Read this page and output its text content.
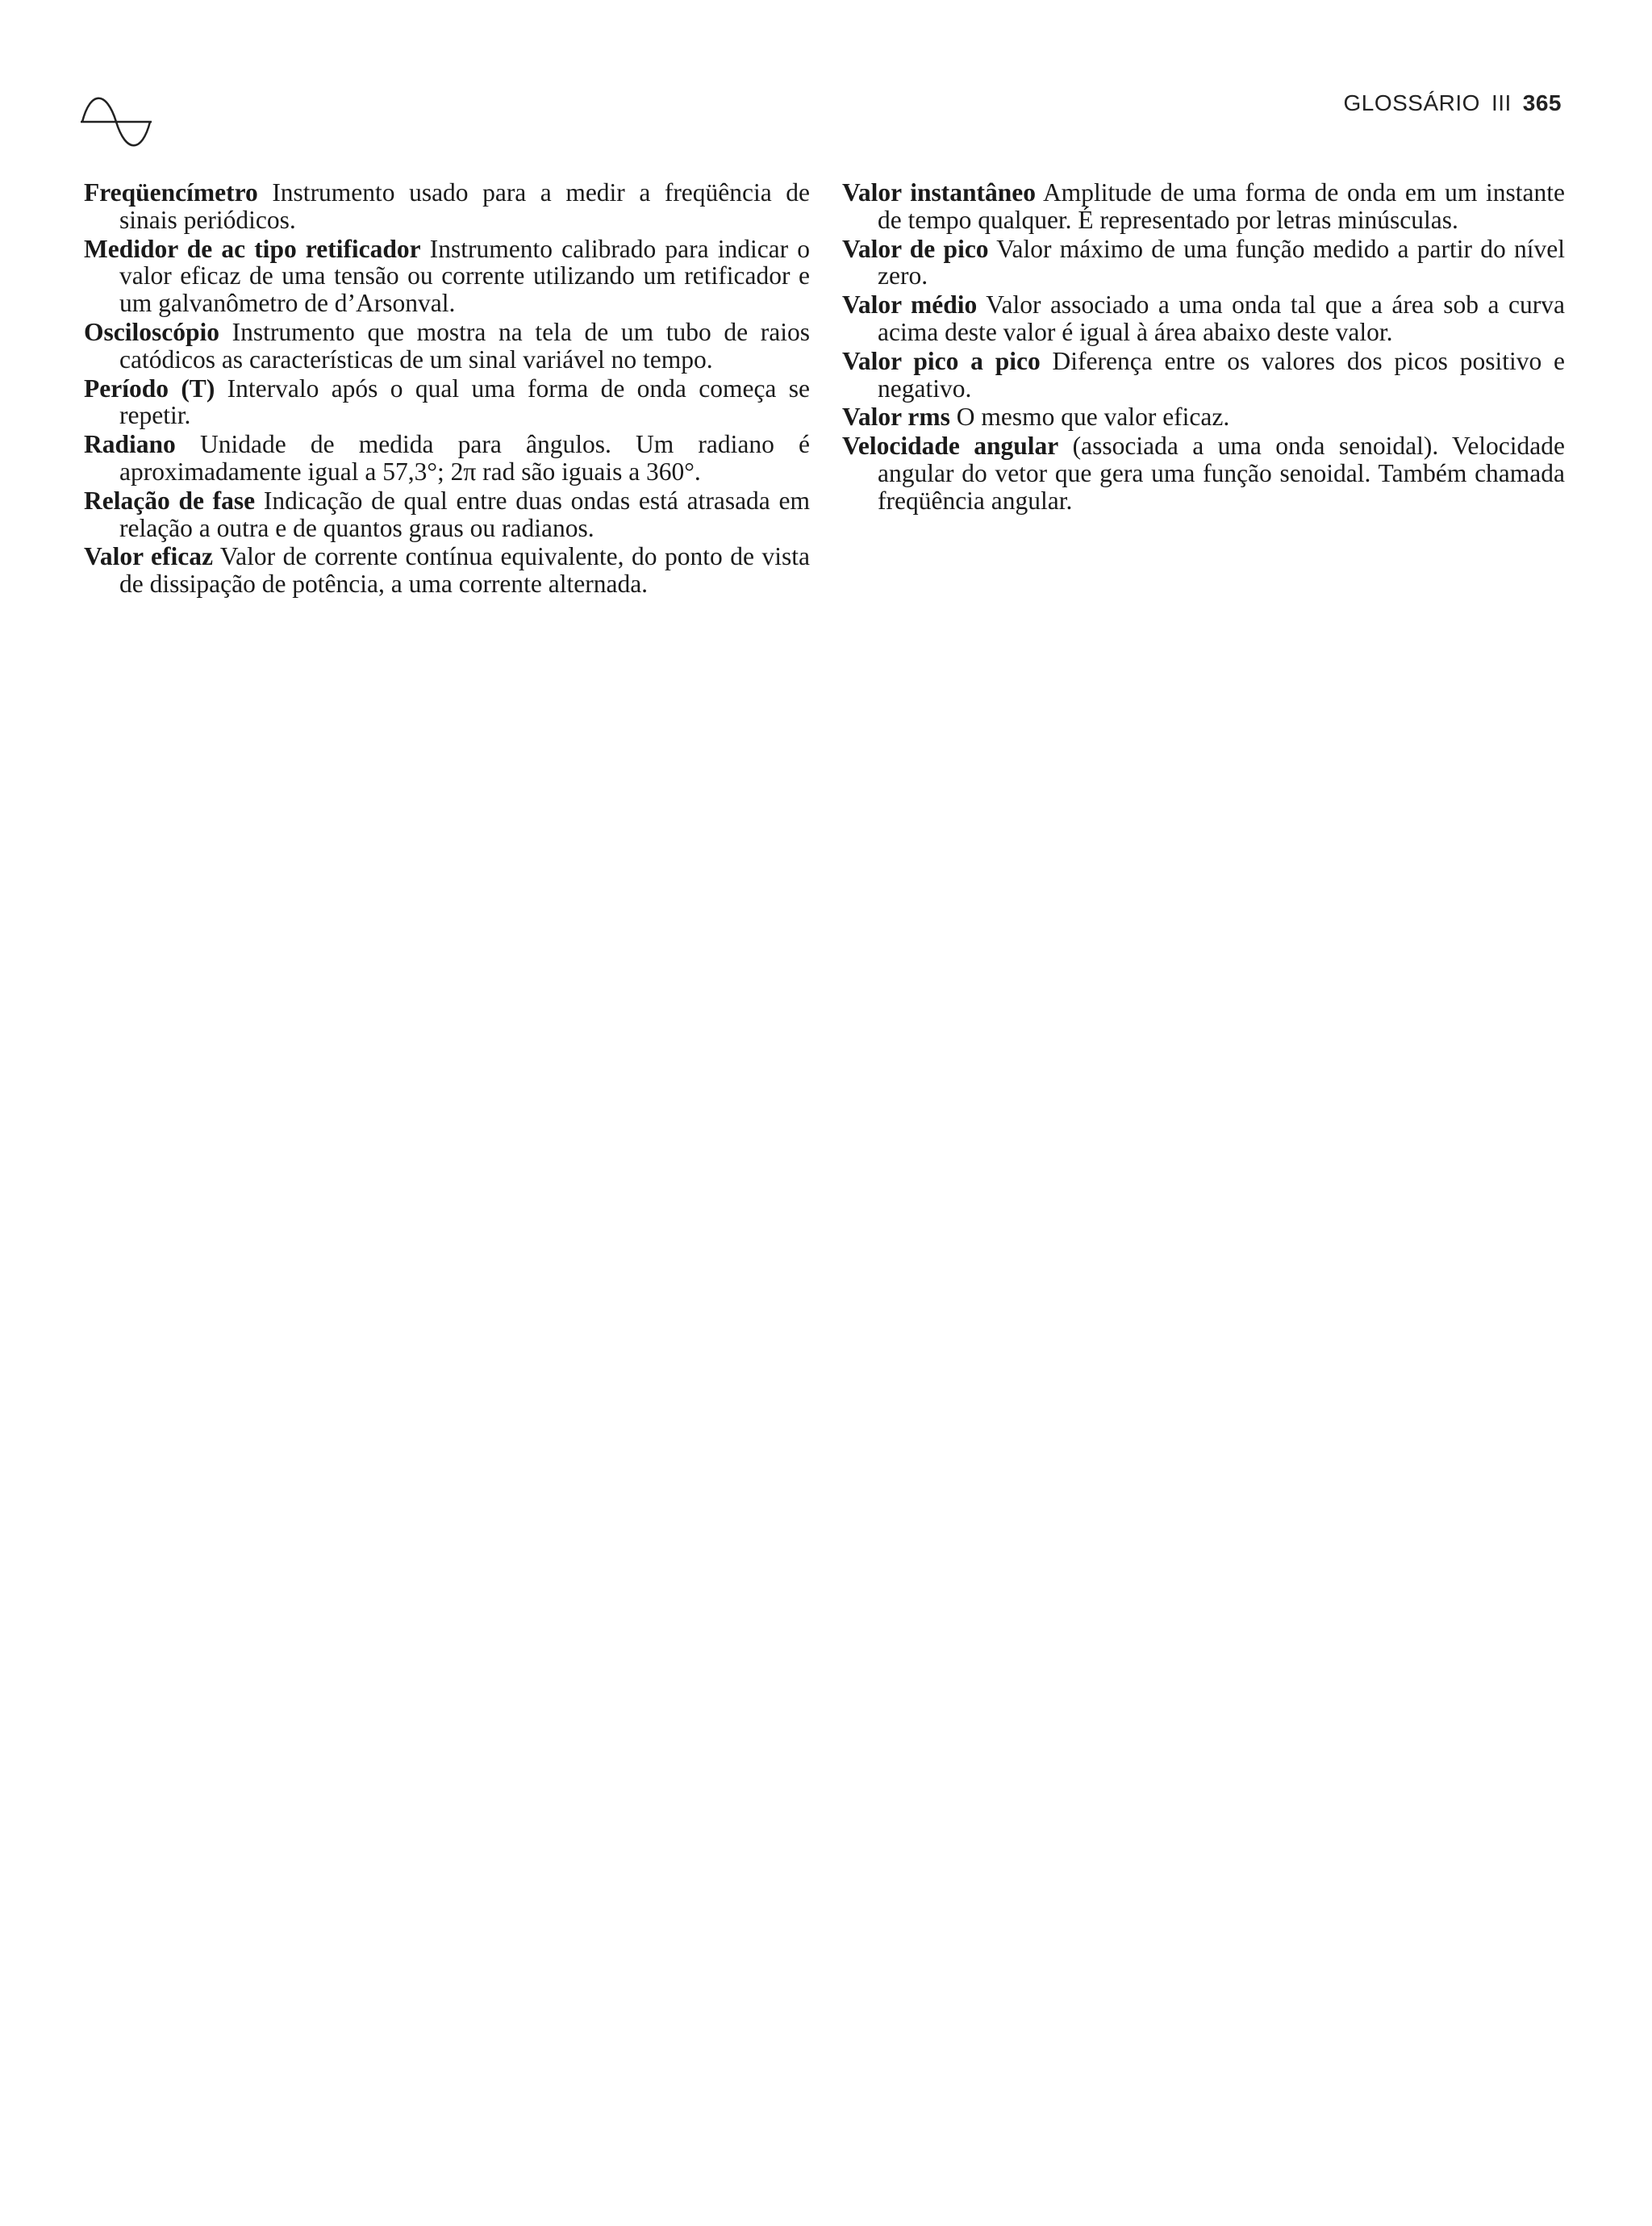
GLOSSÁRIO III 365

Freqüencímetro Instrumento usado para a medir a freqüência de sinais periódicos.

Medidor de ac tipo retificador Instrumento calibrado para indicar o valor eficaz de uma tensão ou corrente utilizando um retificador e um galvanômetro de d’Arsonval.

Osciloscópio Instrumento que mostra na tela de um tubo de raios catódicos as características de um sinal variável no tempo.

Período (T) Intervalo após o qual uma forma de onda começa se repetir.

Radiano Unidade de medida para ângulos. Um radiano é aproximadamente igual a 57,3°; 2π rad são iguais a 360°.

Relação de fase Indicação de qual entre duas ondas está atrasada em relação a outra e de quantos graus ou radianos.

Valor eficaz Valor de corrente contínua equivalente, do ponto de vista de dissipação de potência, a uma corrente alternada.

Valor instantâneo Amplitude de uma forma de onda em um instante de tempo qualquer. É representado por letras minúsculas.

Valor de pico Valor máximo de uma função medido a partir do nível zero.

Valor médio Valor associado a uma onda tal que a área sob a curva acima deste valor é igual à área abaixo deste valor.

Valor pico a pico Diferença entre os valores dos picos positivo e negativo.

Valor rms O mesmo que valor eficaz.

Velocidade angular (associada a uma onda senoidal). Velocidade angular do vetor que gera uma função senoidal. Também chamada freqüência angular.
